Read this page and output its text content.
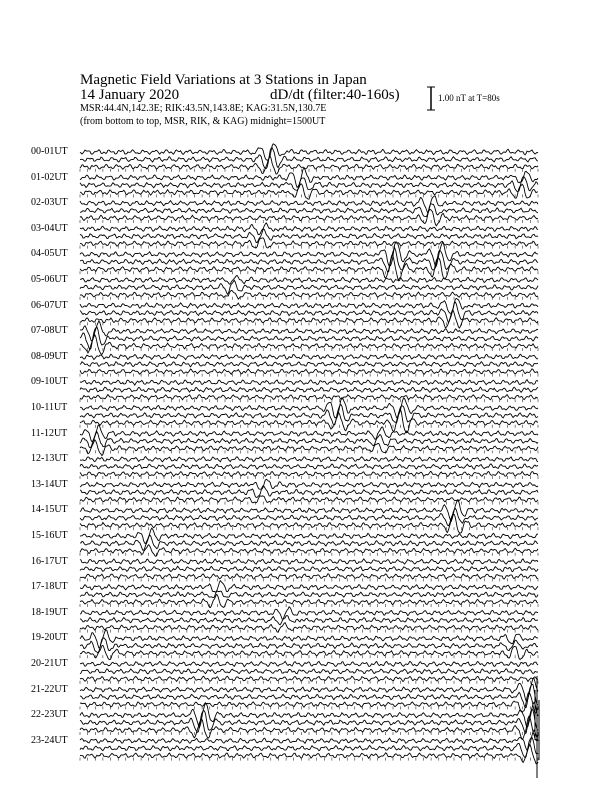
Magnetic Field Variations at 3 Stations in Japan
14 January 2020	dD/dt (filter:40-160s)
MSR:44.4N,142.3E; RIK:43.5N,143.8E; KAG:31.5N,130.7E
(from bottom to top, MSR, RIK, & KAG) midnight=1500UT
1.00 nT at T=80s
00-01UT
01-02UT
02-03UT
03-04UT
04-05UT
05-06UT
06-07UT
07-08UT
08-09UT
09-10UT
10-11UT
11-12UT
12-13UT
13-14UT
14-15UT
15-16UT
16-17UT
17-18UT
18-19UT
19-20UT
20-21UT
21-22UT
22-23UT
23-24UT
